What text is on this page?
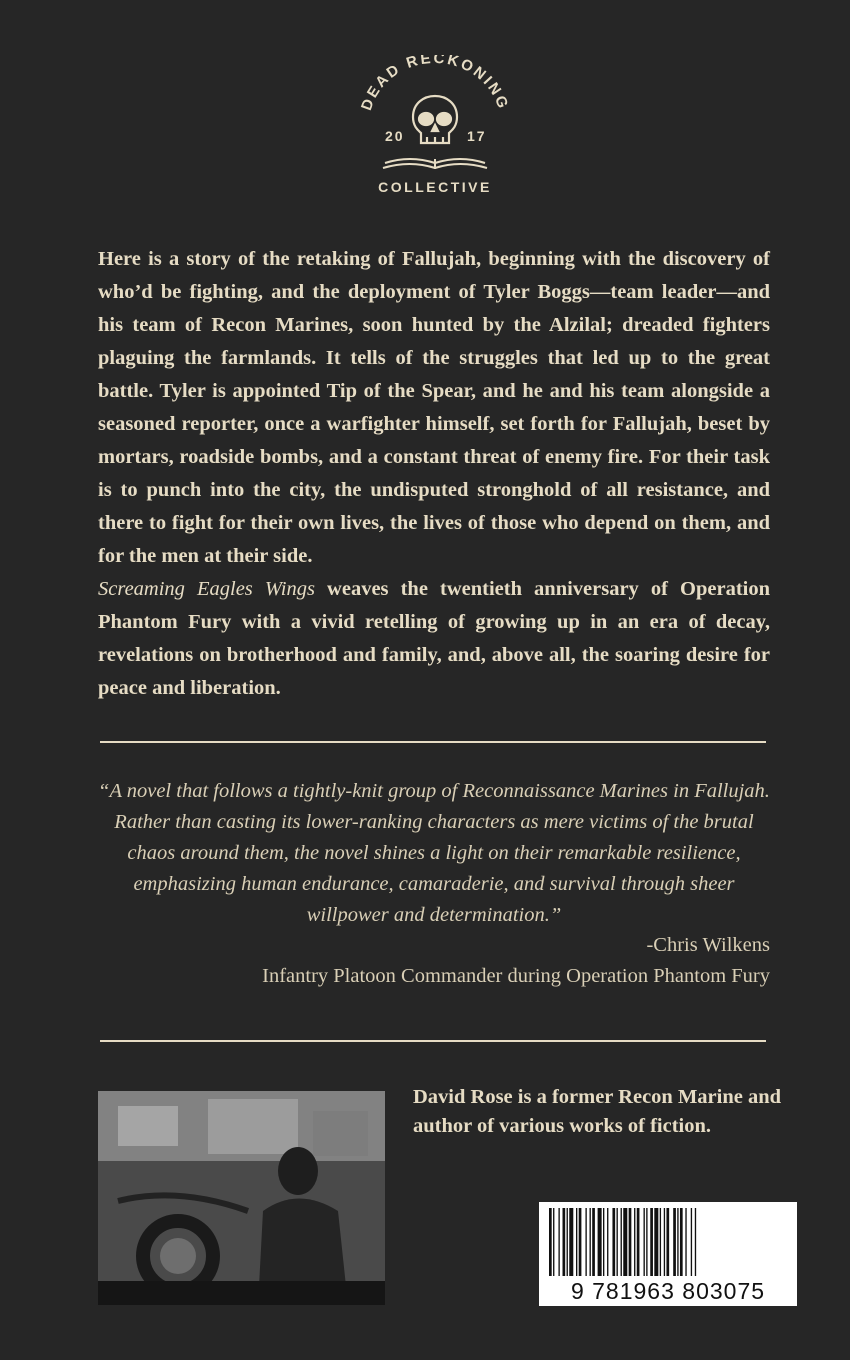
DEAD RECKONING
20	17
COLLECTIVE

Here is a story of the retaking of Fallujah, beginning with the discovery of who’d be fighting, and the deployment of Tyler Boggs—team leader—and his team of Recon Marines, soon hunted by the Alzilal; dreaded fighters plaguing the farmlands. It tells of the struggles that led up to the great battle. Tyler is appointed Tip of the Spear, and he and his team alongside a seasoned reporter, once a warfighter himself, set forth for Fallujah, beset by mortars, roadside bombs, and a constant threat of enemy fire. For their task is to punch into the city, the undisputed stronghold of all resistance, and there to fight for their own lives, the lives of those who depend on them, and for the men at their side.

Screaming Eagles Wings weaves the twentieth anniversary of Operation Phantom Fury with a vivid retelling of growing up in an era of decay, revelations on brotherhood and family, and, above all, the soaring desire for peace and liberation.

“A novel that follows a tightly-knit group of Reconnaissance Marines in Fallujah. Rather than casting its lower-ranking characters as mere victims of the brutal chaos around them, the novel shines a light on their remarkable resilience, emphasizing human endurance, camaraderie, and survival through sheer willpower and determination.”
-Chris Wilkens
Infantry Platoon Commander during Operation Phantom Fury
David Rose is a former Recon Marine and author of various works of fiction.
9 781963 803075
